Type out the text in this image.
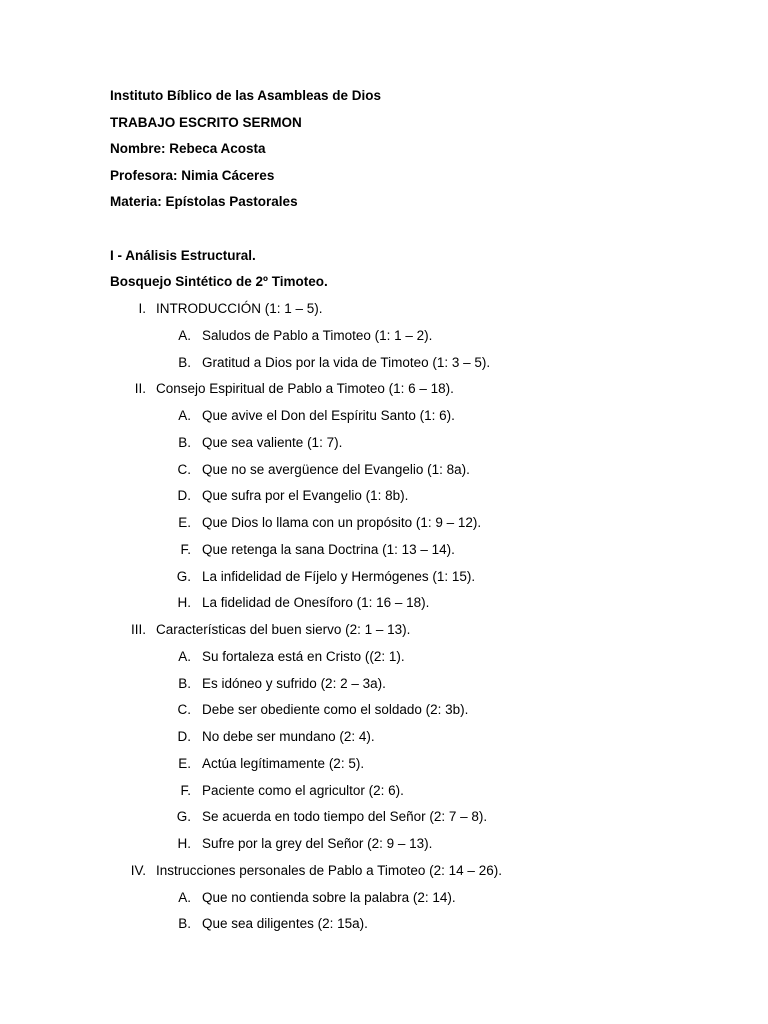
Instituto Bíblico de las Asambleas de Dios
TRABAJO ESCRITO SERMON
Nombre: Rebeca Acosta
Profesora: Nimia Cáceres
Materia: Epístolas Pastorales
I - Análisis Estructural.
Bosquejo Sintético de 2º Timoteo.
I. INTRODUCCIÓN (1: 1 – 5).
A. Saludos de Pablo a Timoteo (1: 1 – 2).
B. Gratitud a Dios por la vida de Timoteo (1: 3 – 5).
II. Consejo Espiritual de Pablo a Timoteo (1: 6 – 18).
A. Que avive el Don del Espíritu Santo (1: 6).
B. Que sea valiente (1: 7).
C. Que no se avergüence del Evangelio (1: 8a).
D. Que sufra por el Evangelio (1: 8b).
E. Que Dios lo llama con un propósito (1: 9 – 12).
F. Que retenga la sana Doctrina (1: 13 – 14).
G. La infidelidad de Fíjelo y Hermógenes (1: 15).
H. La fidelidad de Onesíforo (1: 16 – 18).
III. Características del buen siervo (2: 1 – 13).
A. Su fortaleza está en Cristo ((2: 1).
B. Es idóneo y sufrido (2: 2 – 3a).
C. Debe ser obediente como el soldado (2: 3b).
D. No debe ser mundano (2: 4).
E. Actúa legítimamente (2: 5).
F. Paciente como el agricultor (2: 6).
G. Se acuerda en todo tiempo del Señor (2: 7 – 8).
H. Sufre por la grey del Señor (2: 9 – 13).
IV. Instrucciones personales de Pablo a Timoteo (2: 14 – 26).
A. Que no contienda sobre la palabra (2: 14).
B. Que sea diligentes (2: 15a).
